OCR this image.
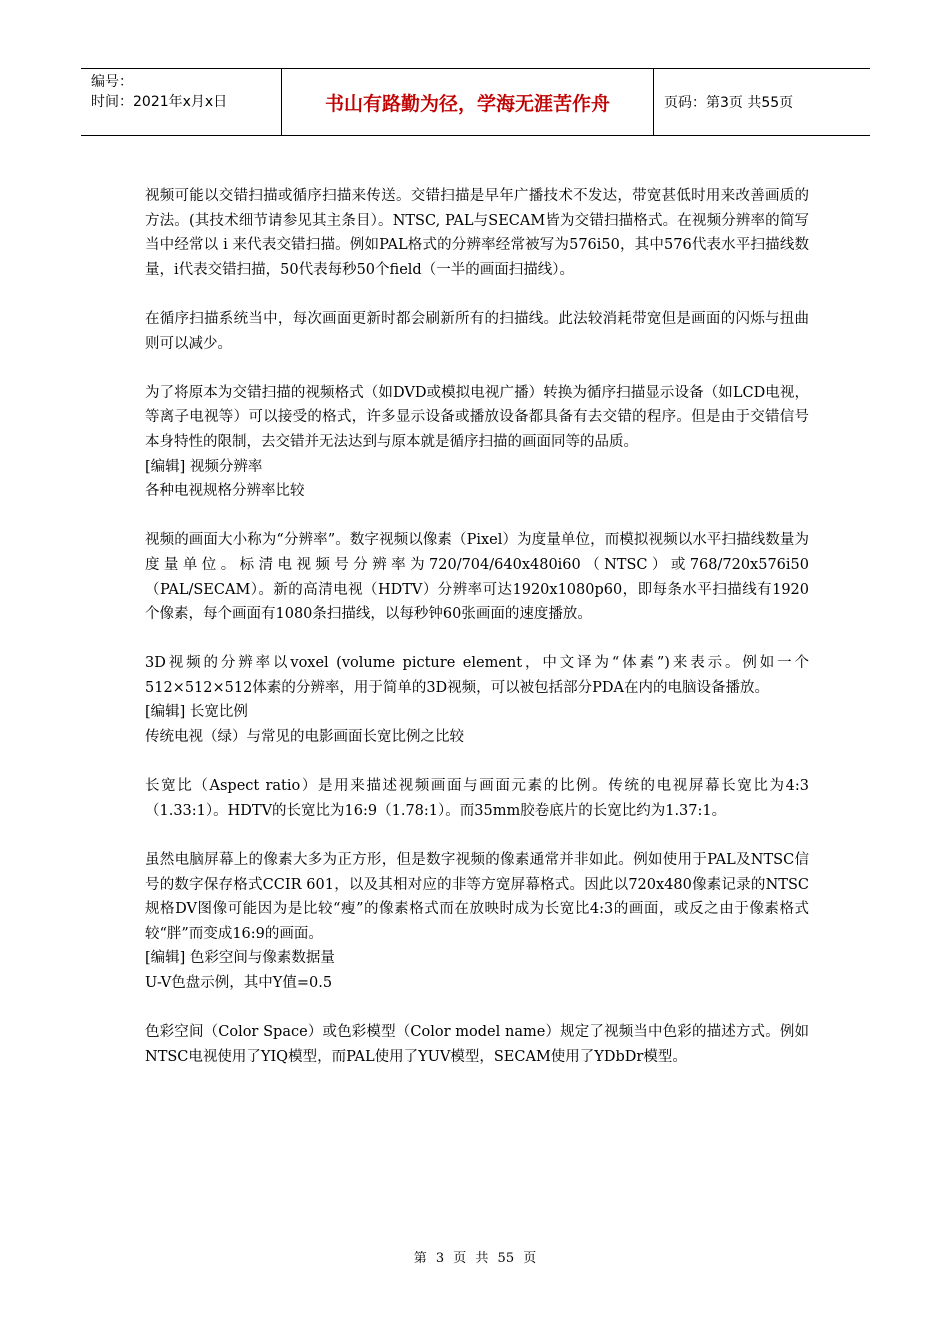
编号：
时间：2021年x月x日	书山有路勤为径，学海无涯苦作舟	页码：第3页 共55页

视频可能以交错扫描或循序扫描来传送。交错扫描是早年广播技术不发达，带宽甚低时用来改善画质的方法。(其技术细节请参见其主条目）。NTSC, PAL与SECAM皆为交错扫描格式。在视频分辨率的简写当中经常以 i 来代表交错扫描。例如PAL格式的分辨率经常被写为576i50，其中576代表水平扫描线数量，i代表交错扫描，50代表每秒50个field（一半的画面扫描线）。

在循序扫描系统当中，每次画面更新时都会刷新所有的扫描线。此法较消耗带宽但是画面的闪烁与扭曲则可以减少。

为了将原本为交错扫描的视频格式（如DVD或模拟电视广播）转换为循序扫描显示设备（如LCD电视，等离子电视等）可以接受的格式，许多显示设备或播放设备都具备有去交错的程序。但是由于交错信号本身特性的限制，去交错并无法达到与原本就是循序扫描的画面同等的品质。

[编辑] 视频分辨率

各种电视规格分辨率比较

视频的画面大小称为“分辨率”。数字视频以像素（Pixel）为度量单位，而模拟视频以水平扫描线数量为度量单位。标清电视频号分辨率为720/704/640x480i60（NTSC）或768/720x576i50（PAL/SECAM）。新的高清电视（HDTV）分辨率可达1920x1080p60，即每条水平扫描线有1920个像素，每个画面有1080条扫描线，以每秒钟60张画面的速度播放。

3D视频的分辨率以voxel (volume picture element，中文译为“体素”)来表示。例如一个512×512×512体素的分辨率，用于简单的3D视频，可以被包括部分PDA在内的电脑设备播放。

[编辑] 长宽比例

传统电视（绿）与常见的电影画面长宽比例之比较

长宽比（Aspect ratio）是用来描述视频画面与画面元素的比例。传统的电视屏幕长宽比为4:3（1.33:1）。HDTV的长宽比为16:9（1.78:1）。而35mm胶卷底片的长宽比约为1.37:1。

虽然电脑屏幕上的像素大多为正方形，但是数字视频的像素通常并非如此。例如使用于PAL及NTSC信号的数字保存格式CCIR 601，以及其相对应的非等方宽屏幕格式。因此以720x480像素记录的NTSC规格DV图像可能因为是比较“瘦”的像素格式而在放映时成为长宽比4:3的画面，或反之由于像素格式较“胖”而变成16:9的画面。

[编辑] 色彩空间与像素数据量

U-V色盘示例，其中Y值=0.5

色彩空间（Color Space）或色彩模型（Color model name）规定了视频当中色彩的描述方式。例如NTSC电视使用了YIQ模型，而PAL使用了YUV模型，SECAM使用了YDbDr模型。

第 3 页 共 55 页
